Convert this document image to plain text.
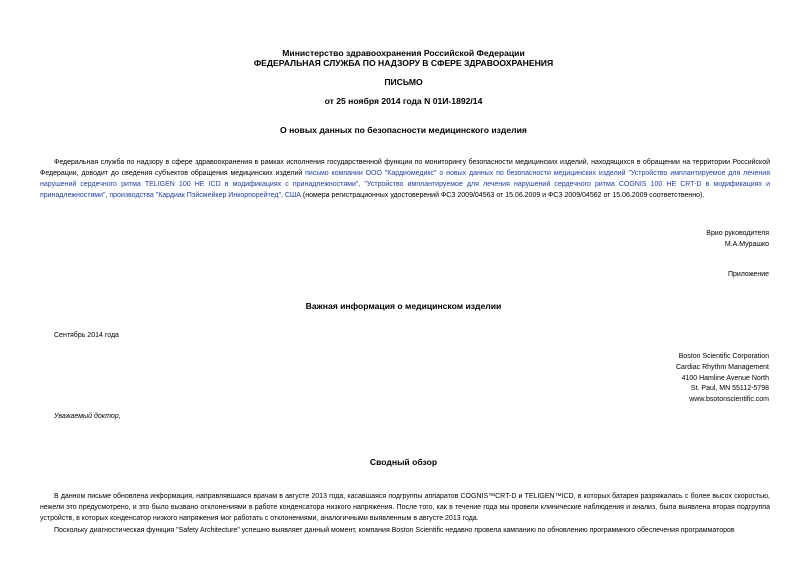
Министерство здравоохранения Российской Федерации
ФЕДЕРАЛЬНАЯ СЛУЖБА ПО НАДЗОРУ В СФЕРЕ ЗДРАВООХРАНЕНИЯ
ПИСЬМО
от 25 ноября 2014 года N 01И-1892/14
О новых данных по безопасности медицинского изделия
Федеральная служба по надзору в сфере здравоохранения в рамках исполнения государственной функции по мониторингу безопасности медицинских изделий, находящихся в обращении на территории Российской Федерации, доводит до сведения субъектов обращения медицинских изделий письмо компании ООО "Кардиомедикс" о новых данных по безопасности медицинских изделий "Устройство имплантируемое для лечения нарушений сердечного ритма TELIGEN 100 HE ICD в модификациях с принадлежностями", "Устройство имплантируемое для лечения нарушений сердечного ритма COGNIS 100 HE CRT-D в модификациях и принадлежностями", производства "Кардиак Пэйсмейкер Инкорпорейтед", США (номера регистрационных удостоверений ФСЗ 2009/04563 от 15.06.2009 и ФСЗ 2009/04562 от 15.06.2009 соответственно).
Врио руководителя
М.А.Мурашко
Приложение
Важная информация о медицинском изделии
Сентябрь 2014 года
Boston Scientific Corporation
Cardiac Rhythm Management
4100 Hamline Avenue North
St. Paul, MN 55112-5798
www.bsotonscientific.com
Уважаемый доктор,
Сводный обзор
В данном письме обновлена информация, направлявшаяся врачам в августе 2013 года, касавшаяся подгруппы аппаратов COGNIS™CRT-D и TELIGEN™ICD, в которых батарея разряжалась с более высох скоростью, нежели это предусмотрено, и это было вызвано отклонениями в работе конденсатора низкого напряжения. После того, как в течение года мы провели клинические наблюдения и анализ, была выявлена вторая подгруппа устройств, в которых конденсатор низкого напряжения мог работать с отклонениями, аналогичными выявленным в августе 2013 года.
Поскольку диагностическая функция "Safety Architecture" успешно выявляет данный момент, компания Boston Scientific недавно провела кампанию по обновлению программного обеспечения программаторов
